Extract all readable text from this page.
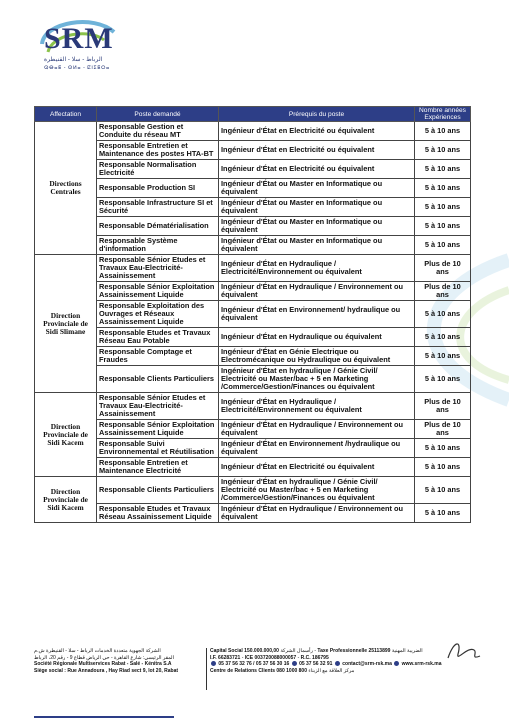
SRM
الرباط - سلا - القنيطرة
ⵕⴱⴰⵟ - ⵙⵍⴰ - ⵇⵏⵉⵟⵔⴰ
Affectation	Poste demandé	Prérequis du poste	Nombre années Expériences
Directions Centrales	Responsable Gestion et Conduite du réseau MT	Ingénieur d'État en Electricité ou équivalent	5 à 10 ans
	Responsable Entretien et Maintenance des postes HTA-BT	Ingénieur d'État en Electricité ou équivalent	5 à 10 ans
	Responsable Normalisation Electricité	Ingénieur d'État en Electricité ou équivalent	5 à 10 ans
	Responsable Production SI	Ingénieur d'État ou Master en Informatique ou équivalent	5 à 10 ans
	Responsable Infrastructure SI et Sécurité	Ingénieur d'État ou Master en Informatique ou équivalent	5 à 10 ans
	Responsable Dématérialisation	Ingénieur d'État ou Master en Informatique ou équivalent	5 à 10 ans
	Responsable Système d'information	Ingénieur d'État ou Master en Informatique ou équivalent	5 à 10 ans
Direction Provinciale de Sidi Slimane	Responsable Sénior Etudes et Travaux Eau-Electricité-Assainissement	Ingénieur d'État en Hydraulique / Electricité/Environnement ou équivalent	Plus de 10 ans
	Responsable Sénior Exploitation Assainissement Liquide	Ingénieur d'État en Hydraulique / Environnement ou équivalent	Plus de 10 ans
	Responsable Exploitation des Ouvrages et Réseaux Assainissement Liquide	Ingénieur d'État en Environnement/ hydraulique ou équivalent	5 à 10 ans
	Responsable Etudes et Travaux Réseau Eau Potable	Ingénieur d'État en Hydraulique ou équivalent	5 à 10 ans
	Responsable Comptage et Fraudes	Ingénieur d'État en Génie Electrique ou Electromécanique ou Hydraulique ou équivalent	5 à 10 ans
	Responsable Clients Particuliers	Ingénieur d'État en hydraulique / Génie Civil/ Electricité ou Master/bac + 5 en Marketing /Commerce/Gestion/Finances ou équivalent	5 à 10 ans
Direction Provinciale de Sidi Kacem	Responsable Sénior Etudes et Travaux Eau-Electricité-Assainissement	Ingénieur d'État en Hydraulique / Electricité/Environnement ou équivalent	Plus de 10 ans
	Responsable Sénior Exploitation Assainissement Liquide	Ingénieur d'État en Hydraulique / Environnement ou équivalent	Plus de 10 ans
	Responsable Suivi Environnemental et Réutilisation	Ingénieur d'État en Environnement /hydraulique ou équivalent	5 à 10 ans
	Responsable Entretien et Maintenance Electricité	Ingénieur d'État en Electricité ou équivalent	5 à 10 ans
Direction Provinciale de Sidi Kacem	Responsable Clients Particuliers	Ingénieur d'État en hydraulique / Génie Civil/ Electricité ou Master/bac + 5 en Marketing /Commerce/Gestion/Finances ou équivalent	5 à 10 ans
	Responsable Etudes et Travaux Réseau Assainissement Liquide	Ingénieur d'État en Hydraulique / Environnement ou équivalent	5 à 10 ans
الشركة الجهوية متعددة الخدمات الرباط - سلا - القنيطرة ش.م
المقر الرئيسي: شارع القاهرة - حي الرياض قطاع 9 - رقم 20، الرباط
Société Régionale Multiservices Rabat - Salé - Kénitra S.A
Siège social : Rue Annadoura , Hay Riad sect 9, lot 20, Rabat
Capital Social 150.000.000,00 رأسمال الشركة - Taxe Professionnelle 25113899 الضريبة المهنية
I.F. 66283721 - ICE 003720088000057 - R.C. 186795
05 37 56 32 76 / 05 37 56 30 16 05 37 56 32 91 contact@srm-rsk.ma www.srm-rsk.ma
Centre de Relations Clients 080 1000 800 مركز العلاقة مع الزبناء
